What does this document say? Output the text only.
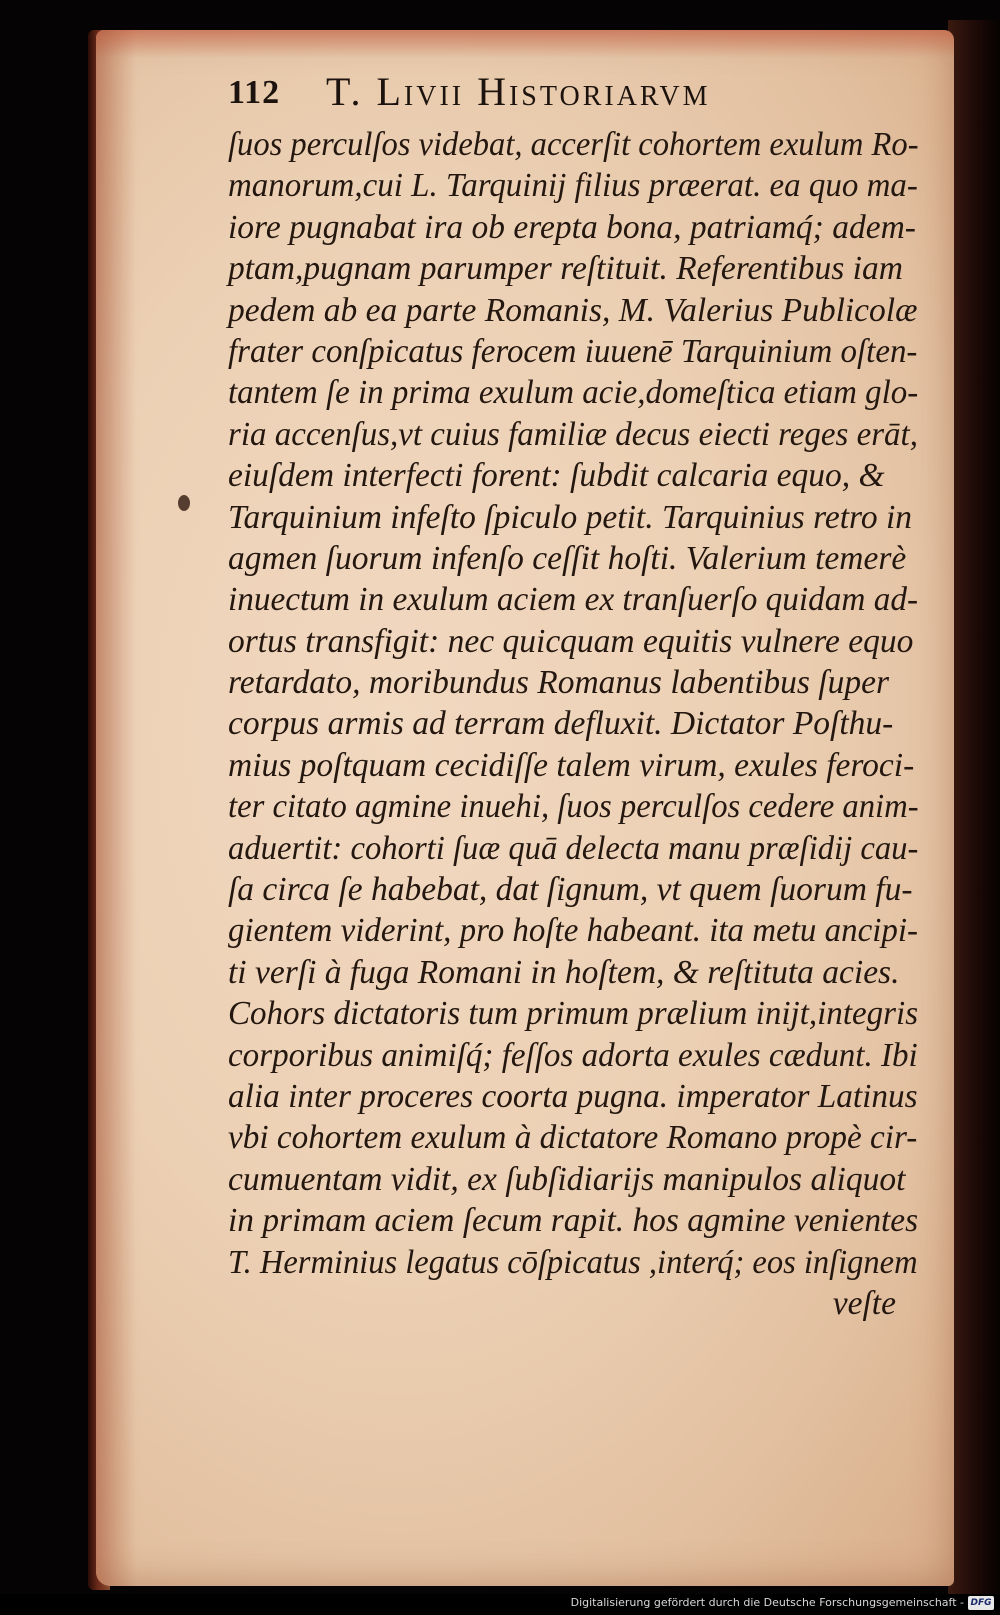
112 T. Livii Historiarvm
ſuos perculſos videbat, accerſit cohortem exulum Ro-
manorum,cui L. Tarquinij filius præerat. ea quo ma-
iore pugnabat ira ob erepta bona, patriamq́; adem-
ptam,pugnam parumper reſtituit. Referentibus iam
pedem ab ea parte Romanis, M. Valerius Publicolæ
frater conſpicatus ferocem iuuenē Tarquinium oſten-
tantem ſe in prima exulum acie,domeſtica etiam glo-
ria accenſus,vt cuius familiæ decus eiecti reges erāt,
eiuſdem interfecti forent: ſubdit calcaria equo, &
Tarquinium infeſto ſpiculo petit. Tarquinius retro in
agmen ſuorum infenſo ceſſit hoſti. Valerium temerè
inuectum in exulum aciem ex tranſuerſo quidam ad-
ortus transfigit: nec quicquam equitis vulnere equo
retardato, moribundus Romanus labentibus ſuper
corpus armis ad terram defluxit. Dictator Poſthu-
mius poſtquam cecidiſſe talem virum, exules feroci-
ter citato agmine inuehi, ſuos perculſos cedere anim-
aduertit: cohorti ſuæ quā delecta manu præſidij cau-
ſa circa ſe habebat, dat ſignum, vt quem ſuorum fu-
gientem viderint, pro hoſte habeant. ita metu ancipi-
ti verſi à fuga Romani in hoſtem, & reſtituta acies.
Cohors dictatoris tum primum prælium inijt,integris
corporibus animiſq́; feſſos adorta exules cædunt. Ibi
alia inter proceres coorta pugna. imperator Latinus
vbi cohortem exulum à dictatore Romano propè cir-
cumuentam vidit, ex ſubſidiarijs manipulos aliquot
in primam aciem ſecum rapit. hos agmine venientes
T. Herminius legatus cōſpicatus ,interq́; eos inſignem
veſte
Digitalisierung gefördert durch die Deutsche Forschungsgemeinschaft - DFG
